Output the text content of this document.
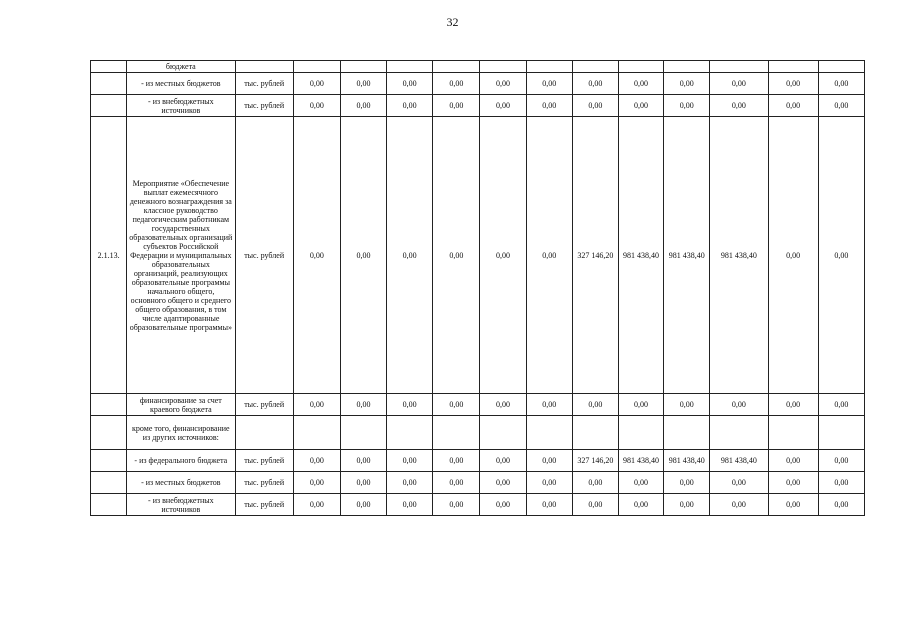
32
	бюджета													
	- из местных бюджетов	тыс. рублей	0,00	0,00	0,00	0,00	0,00	0,00	0,00	0,00	0,00	0,00	0,00	0,00
	- из внебюджетных источников	тыс. рублей	0,00	0,00	0,00	0,00	0,00	0,00	0,00	0,00	0,00	0,00	0,00	0,00
2.1.13.	Мероприятие «Обеспечение выплат ежемесячного денежного вознаграждения за классное руководство педагогическим работникам государственных образовательных организаций субъектов Российской Федерации и муниципальных образовательных организаций, реализующих образовательные программы начального общего, основного общего и среднего общего образования, в том числе адаптированные образовательные программы»	тыс. рублей	0,00	0,00	0,00	0,00	0,00	0,00	327 146,20	981 438,40	981 438,40	981 438,40	0,00	0,00
	финансирование за счет краевого бюджета	тыс. рублей	0,00	0,00	0,00	0,00	0,00	0,00	0,00	0,00	0,00	0,00	0,00	0,00
	кроме того, финансирование из других источников:													
	- из федерального бюджета	тыс. рублей	0,00	0,00	0,00	0,00	0,00	0,00	327 146,20	981 438,40	981 438,40	981 438,40	0,00	0,00
	- из местных бюджетов	тыс. рублей	0,00	0,00	0,00	0,00	0,00	0,00	0,00	0,00	0,00	0,00	0,00	0,00
	- из внебюджетных источников	тыс. рублей	0,00	0,00	0,00	0,00	0,00	0,00	0,00	0,00	0,00	0,00	0,00	0,00
